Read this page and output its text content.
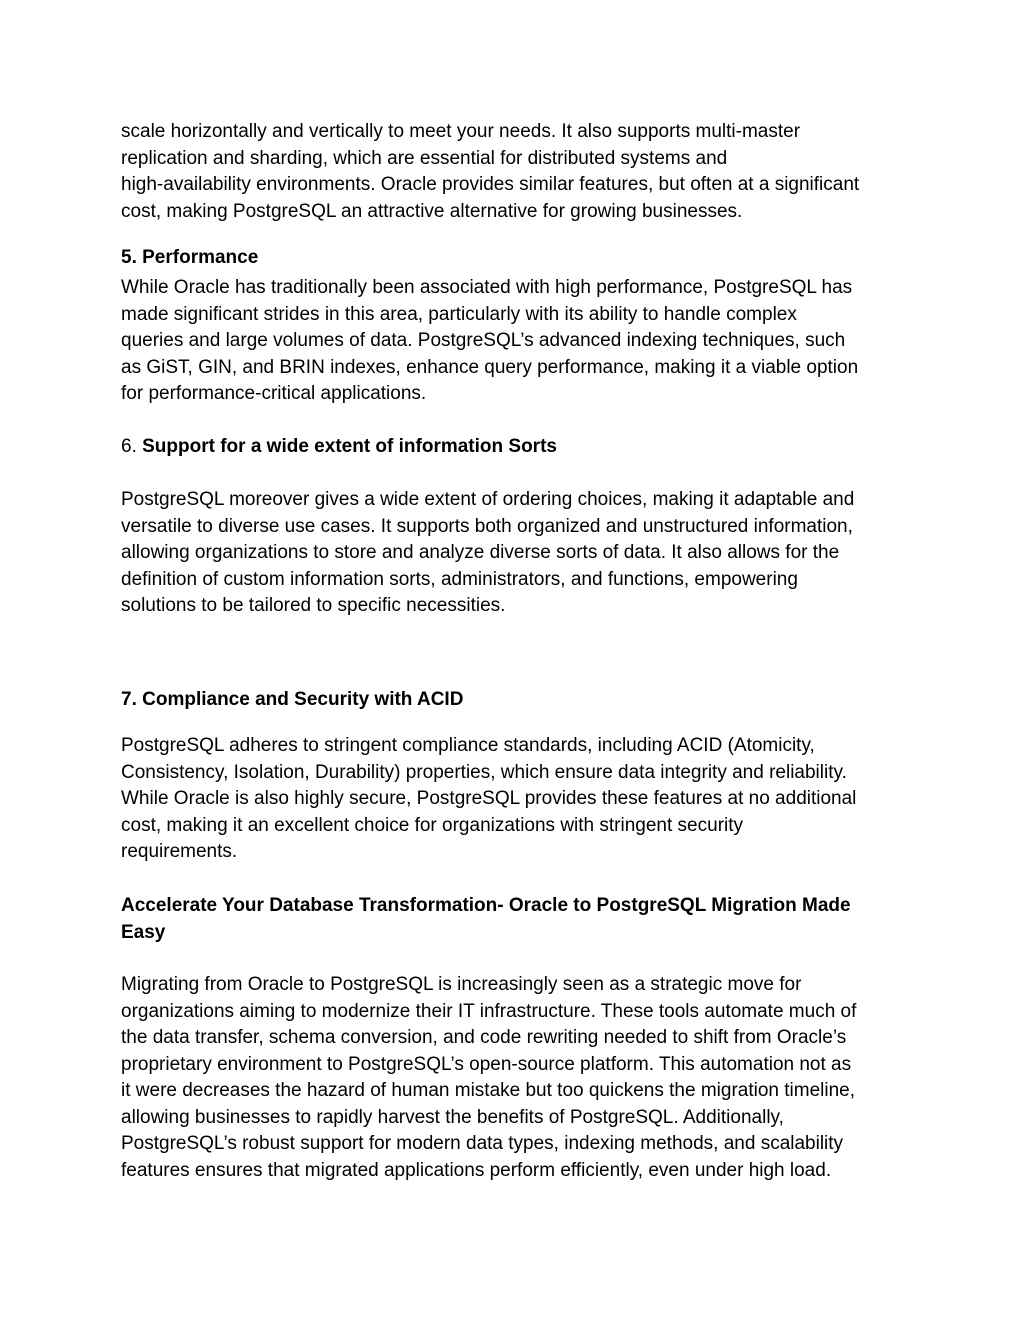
scale horizontally and vertically to meet your needs. It also supports multi-master
replication and sharding, which are essential for distributed systems and
high-availability environments. Oracle provides similar features, but often at a significant
cost, making PostgreSQL an attractive alternative for growing businesses.

5. Performance

While Oracle has traditionally been associated with high performance, PostgreSQL has
made significant strides in this area, particularly with its ability to handle complex
queries and large volumes of data. PostgreSQL’s advanced indexing techniques, such
as GiST, GIN, and BRIN indexes, enhance query performance, making it a viable option
for performance-critical applications.

6. Support for a wide extent of information Sorts

PostgreSQL moreover gives a wide extent of ordering choices, making it adaptable and
versatile to diverse use cases. It supports both organized and unstructured information,
allowing organizations to store and analyze diverse sorts of data. It also allows for the
definition of custom information sorts, administrators, and functions, empowering
solutions to be tailored to specific necessities.

7. Compliance and Security with ACID

PostgreSQL adheres to stringent compliance standards, including ACID (Atomicity,
Consistency, Isolation, Durability) properties, which ensure data integrity and reliability.
While Oracle is also highly secure, PostgreSQL provides these features at no additional
cost, making it an excellent choice for organizations with stringent security
requirements.

Accelerate Your Database Transformation- Oracle to PostgreSQL Migration Made
Easy

Migrating from Oracle to PostgreSQL is increasingly seen as a strategic move for
organizations aiming to modernize their IT infrastructure. These tools automate much of
the data transfer, schema conversion, and code rewriting needed to shift from Oracle’s
proprietary environment to PostgreSQL’s open-source platform. This automation not as
it were decreases the hazard of human mistake but too quickens the migration timeline,
allowing businesses to rapidly harvest the benefits of PostgreSQL. Additionally,
PostgreSQL’s robust support for modern data types, indexing methods, and scalability
features ensures that migrated applications perform efficiently, even under high load.
